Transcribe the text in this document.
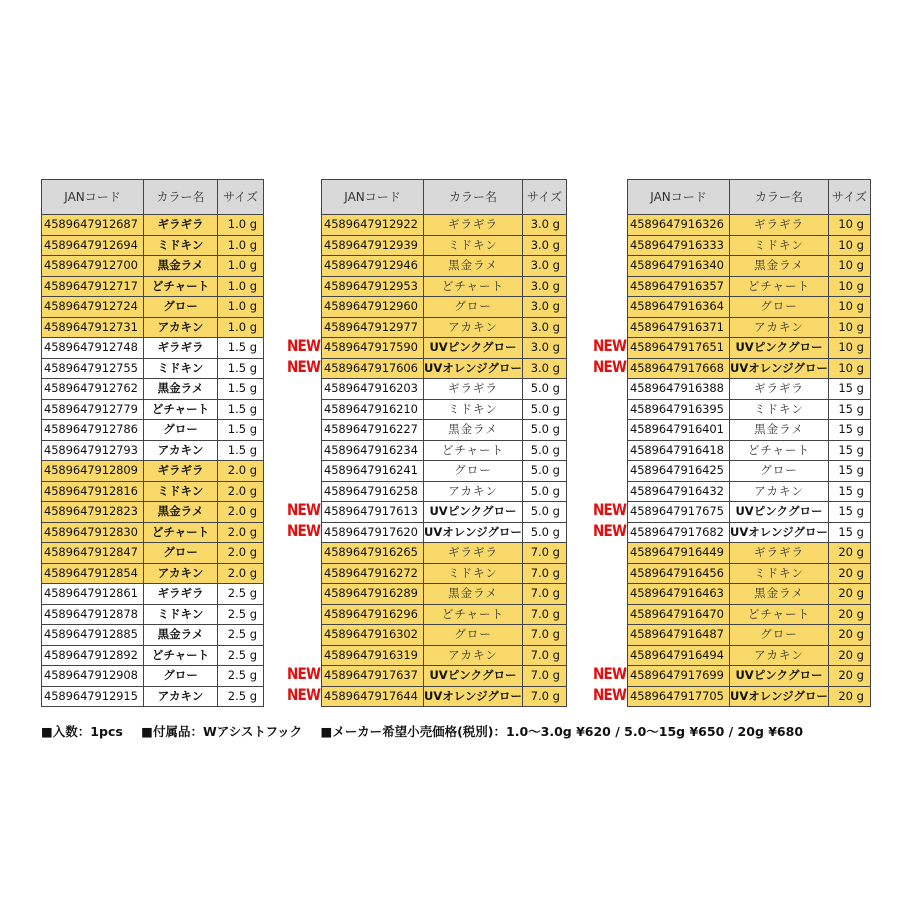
JANコード	カラー名	サイズ
4589647912687	ギラギラ	1.0 g
4589647912694	ミドキン	1.0 g
4589647912700	黒金ラメ	1.0 g
4589647912717	どチャート	1.0 g
4589647912724	グロー	1.0 g
4589647912731	アカキン	1.0 g
4589647912748	ギラギラ	1.5 g
4589647912755	ミドキン	1.5 g
4589647912762	黒金ラメ	1.5 g
4589647912779	どチャート	1.5 g
4589647912786	グロー	1.5 g
4589647912793	アカキン	1.5 g
4589647912809	ギラギラ	2.0 g
4589647912816	ミドキン	2.0 g
4589647912823	黒金ラメ	2.0 g
4589647912830	どチャート	2.0 g
4589647912847	グロー	2.0 g
4589647912854	アカキン	2.0 g
4589647912861	ギラギラ	2.5 g
4589647912878	ミドキン	2.5 g
4589647912885	黒金ラメ	2.5 g
4589647912892	どチャート	2.5 g
4589647912908	グロー	2.5 g
4589647912915	アカキン	2.5 g
JANコード	カラー名	サイズ
4589647912922	ギラギラ	3.0 g
4589647912939	ミドキン	3.0 g
4589647912946	黒金ラメ	3.0 g
4589647912953	どチャート	3.0 g
4589647912960	グロー	3.0 g
4589647912977	アカキン	3.0 g
4589647917590	UVピンクグロー	3.0 g
4589647917606	UVオレンジグロー	3.0 g
4589647916203	ギラギラ	5.0 g
4589647916210	ミドキン	5.0 g
4589647916227	黒金ラメ	5.0 g
4589647916234	どチャート	5.0 g
4589647916241	グロー	5.0 g
4589647916258	アカキン	5.0 g
4589647917613	UVピンクグロー	5.0 g
4589647917620	UVオレンジグロー	5.0 g
4589647916265	ギラギラ	7.0 g
4589647916272	ミドキン	7.0 g
4589647916289	黒金ラメ	7.0 g
4589647916296	どチャート	7.0 g
4589647916302	グロー	7.0 g
4589647916319	アカキン	7.0 g
4589647917637	UVピンクグロー	7.0 g
4589647917644	UVオレンジグロー	7.0 g
JANコード	カラー名	サイズ
4589647916326	ギラギラ	10 g
4589647916333	ミドキン	10 g
4589647916340	黒金ラメ	10 g
4589647916357	どチャート	10 g
4589647916364	グロー	10 g
4589647916371	アカキン	10 g
4589647917651	UVピンクグロー	10 g
4589647917668	UVオレンジグロー	10 g
4589647916388	ギラギラ	15 g
4589647916395	ミドキン	15 g
4589647916401	黒金ラメ	15 g
4589647916418	どチャート	15 g
4589647916425	グロー	15 g
4589647916432	アカキン	15 g
4589647917675	UVピンクグロー	15 g
4589647917682	UVオレンジグロー	15 g
4589647916449	ギラギラ	20 g
4589647916456	ミドキン	20 g
4589647916463	黒金ラメ	20 g
4589647916470	どチャート	20 g
4589647916487	グロー	20 g
4589647916494	アカキン	20 g
4589647917699	UVピンクグロー	20 g
4589647917705	UVオレンジグロー	20 g
■入数：1pcs ■付属品：Wアシストフック ■メーカー希望小売価格(税別)：1.0～3.0g ¥620 / 5.0～15g ¥650 / 20g ¥680
NEW
NEW
NEW
NEW
NEW
NEW
NEW
NEW
NEW
NEW
NEW
NEW
